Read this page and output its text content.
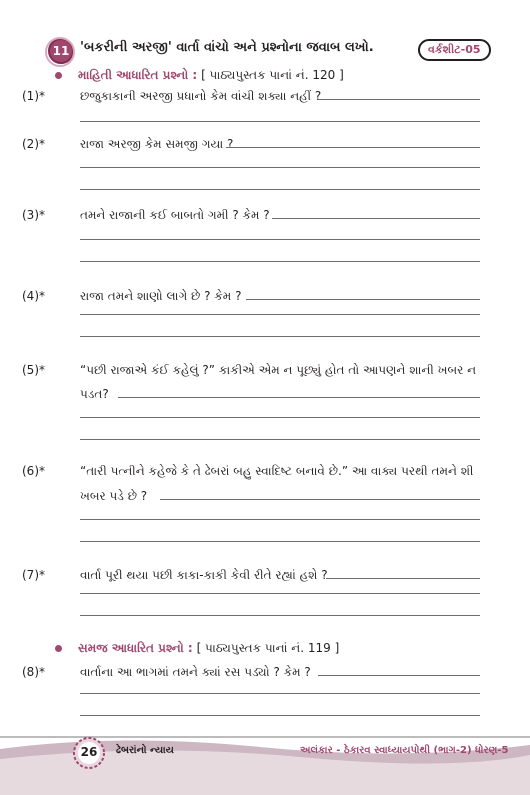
11 'બકરીની અરજી' વાર્તા વાંચો અને પ્રશ્નોના જવાબ લખો.	વર્કશીટ-05
માહિતી આધારિત પ્રશ્નો : [ પાઠ્યપુસ્તક પાનાં નં. 120 ]
(1)*	છજુકાકાની અરજી પ્રધાનો કેમ વાંચી શક્યા નહીં ?
(2)*	રાજા અરજી કેમ સમજી ગયા ?
(3)*	તમને રાજાની કઈ બાબતો ગમી ? કેમ ?
(4)*	રાજા તમને શાણો લાગે છે ? કેમ ?
(5)*	“પછી રાજાએ કંઈ કહેલું ?” કાકીએ એમ ન પૂછ્યું હોત તો આપણને શાની ખબર ન
પડત?
(6)*	“તારી પત્નીને કહેજે કે તે ઢેબરાં બહુ સ્વાદિષ્ટ બનાવે છે.” આ વાક્ય પરથી તમને શી
ખબર પડે છે ?
(7)*	વાર્તા પૂરી થયા પછી કાકા-કાકી કેવી રીતે રહ્યાં હશે ?
સમજ આધારિત પ્રશ્નો : [ પાઠ્યપુસ્તક પાનાં નં. 119 ]
(8)*	વાર્તાના આ ભાગમાં તમને ક્યાં રસ પડ્યો ? કેમ ?
26	ઢેબરાંનો ન્યાય	અલંકાર - ઠેકારવ સ્વાધ્યાયપોથી (ભાગ-2) ધોરણ-5
